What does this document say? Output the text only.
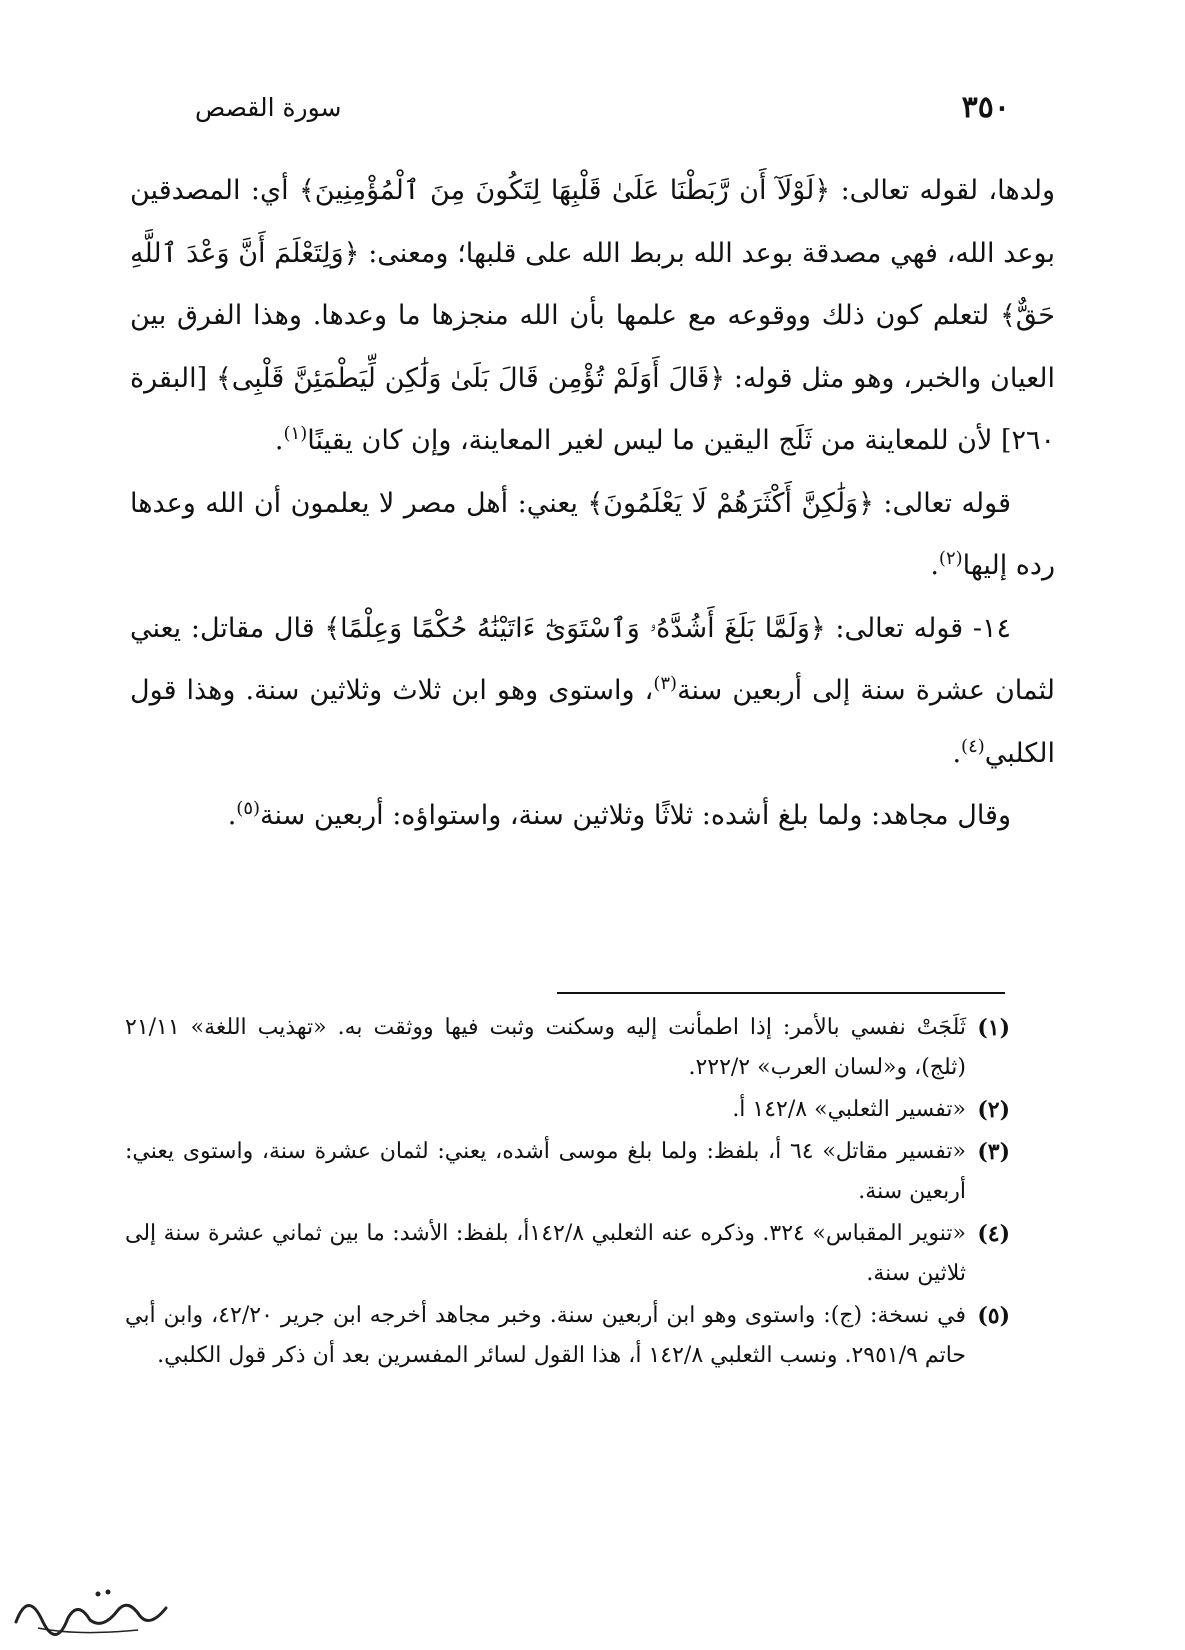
٣٥٠
سورة القصص

ولدها، لقوله تعالى: ﴿لَوْلَآ أَن رَّبَطْنَا عَلَىٰ قَلْبِهَا لِتَكُونَ مِنَ ٱلْمُؤْمِنِينَ﴾ أي: المصدقين بوعد الله، فهي مصدقة بوعد الله بربط الله على قلبها؛ ومعنى: ﴿وَلِتَعْلَمَ أَنَّ وَعْدَ ٱللَّهِ حَقٌّ﴾ لتعلم كون ذلك ووقوعه مع علمها بأن الله منجزها ما وعدها. وهذا الفرق بين العيان والخبر، وهو مثل قوله: ﴿قَالَ أَوَلَمْ تُؤْمِن قَالَ بَلَىٰ وَلَٰكِن لِّيَطْمَئِنَّ قَلْبِى﴾ [البقرة ٢٦٠] لأن للمعاينة من ثَلَج اليقين ما ليس لغير المعاينة، وإن كان يقينًا$^{(١)}$.

قوله تعالى: ﴿وَلَٰكِنَّ أَكْثَرَهُمْ لَا يَعْلَمُونَ﴾ يعني: أهل مصر لا يعلمون أن الله وعدها رده إليها$^{(٢)}$.

١٤- قوله تعالى: ﴿وَلَمَّا بَلَغَ أَشُدَّهُۥ وَٱسْتَوَىٰٓ ءَاتَيْنَٰهُ حُكْمًا وَعِلْمًا﴾ قال مقاتل: يعني لثمان عشرة سنة إلى أربعين سنة$^{(٣)}$، واستوى وهو ابن ثلاث وثلاثين سنة. وهذا قول الكلبي$^{(٤)}$.

وقال مجاهد: ولما بلغ أشده: ثلاثًا وثلاثين سنة، واستواؤه: أربعين سنة$^{(٥)}$.

(١)
ثَلَجَتْ نفسي بالأمر: إذا اطمأنت إليه وسكنت وثبت فيها ووثقت به. «تهذيب اللغة» ٢١/١١ (ثلج)، و«لسان العرب» ٢٢٢/٢.

(٢)
«تفسير الثعلبي» ١٤٢/٨ أ.

(٣)
«تفسير مقاتل» ٦٤ أ، بلفظ: ولما بلغ موسى أشده، يعني: لثمان عشرة سنة، واستوى يعني: أربعين سنة.

(٤)
«تنوير المقباس» ٣٢٤. وذكره عنه الثعلبي ١٤٢/٨أ، بلفظ: الأشد: ما بين ثماني عشرة سنة إلى ثلاثين سنة.

(٥)
في نسخة: (ج): واستوى وهو ابن أربعين سنة. وخبر مجاهد أخرجه ابن جرير ٤٢/٢٠، وابن أبي حاتم ٢٩٥١/٩. ونسب الثعلبي ١٤٢/٨ أ، هذا القول لسائر المفسرين بعد أن ذكر قول الكلبي.
